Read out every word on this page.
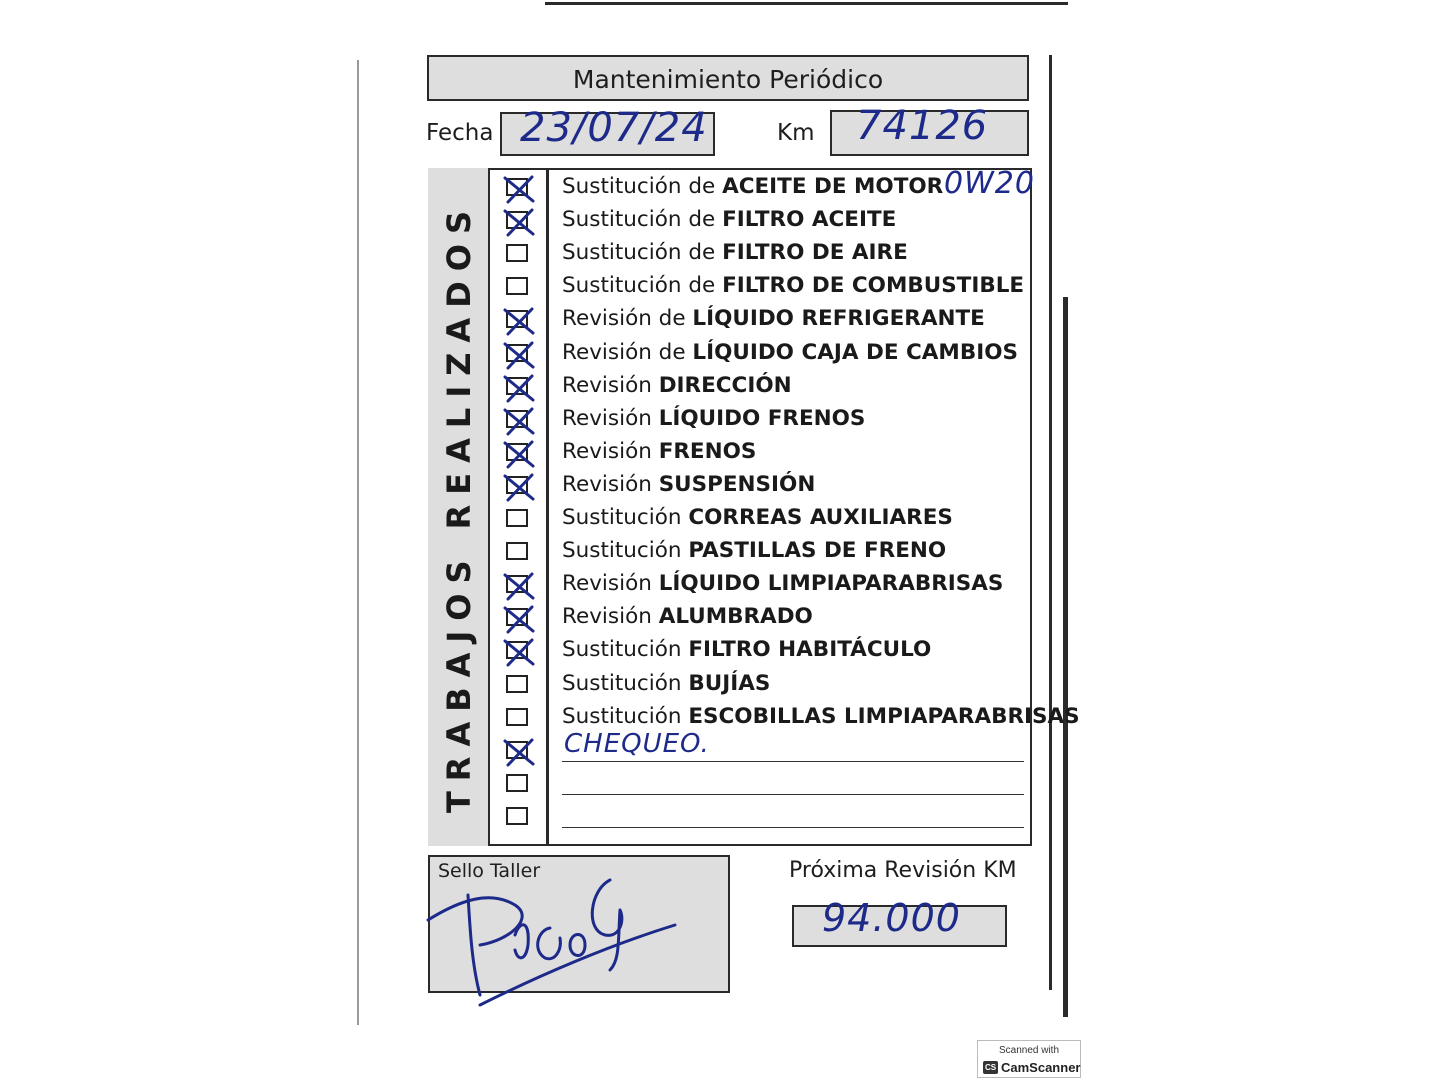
Mantenimiento Periódico
Fecha 23/07/24	Km 74126
TRABAJOS REALIZADOS
Sustitución de ACEITE DE MOTOR
Sustitución de FILTRO ACEITE
Sustitución de FILTRO DE AIRE
Sustitución de FILTRO DE COMBUSTIBLE
Revisión de LÍQUIDO REFRIGERANTE
Revisión de LÍQUIDO CAJA DE CAMBIOS
Revisión DIRECCIÓN
Revisión LÍQUIDO FRENOS
Revisión FRENOS
Revisión SUSPENSIÓN
Sustitución CORREAS AUXILIARES
Sustitución PASTILLAS DE FRENO
Revisión LÍQUIDO LIMPIAPARABRISAS
Revisión ALUMBRADO
Sustitución FILTRO HABITÁCULO
Sustitución BUJÍAS
Sustitución ESCOBILLAS LIMPIAPARABRISAS
CHEQUEO.
0W20
Sello Taller	Próxima Revisión KM
94.000
Scanned with
CS CamScanner
